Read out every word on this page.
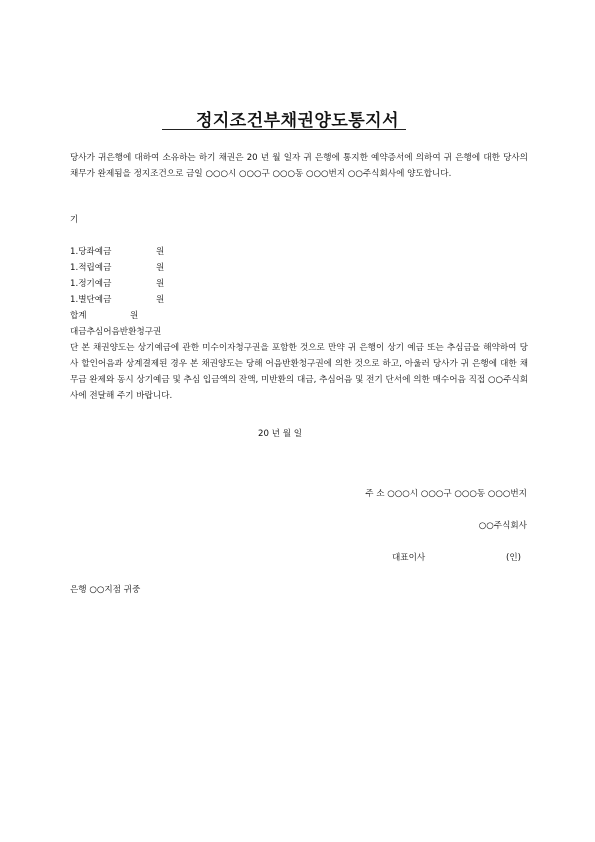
정지조건부채권양도통지서
당사가 귀은행에 대하여 소유하는 하기 채권은 20 년 월 일자 귀 은행에 통지한 예약증서에 의하여 귀 은행에 대한 당사의 채무가 완제됨을 정지조건으로 금일 ○○○시 ○○○구 ○○○동 ○○○번지 ○○주식회사에 양도합니다.
기
1.당좌예금	원
1.적립예금	원
1.정기예금	원
1.별단예금	원
합계	원
대금추심어음반환청구권
단 본 채권양도는 상기예금에 관한 미수이자청구권을 포함한 것으로 만약 귀 은행이 상기 예금 또는 추심금을 해약하여 당사 할인어음과 상계결제된 경우 본 채권양도는 당해 어음반환청구권에 의한 것으로 하고, 아울러 당사가 귀 은행에 대한 채무금 완제와 동시 상기예금 및 추심 입금액의 잔액, 미반환의 대금, 추심어음 및 전기 단서에 의한 매수어음 직접 ○○주식회사에 전달해 주기 바랍니다.
20 년 월 일
주 소 ○○○시 ○○○구 ○○○동 ○○○번지
○○주식회사
대표이사	(인)
은행 ○○지점 귀중
